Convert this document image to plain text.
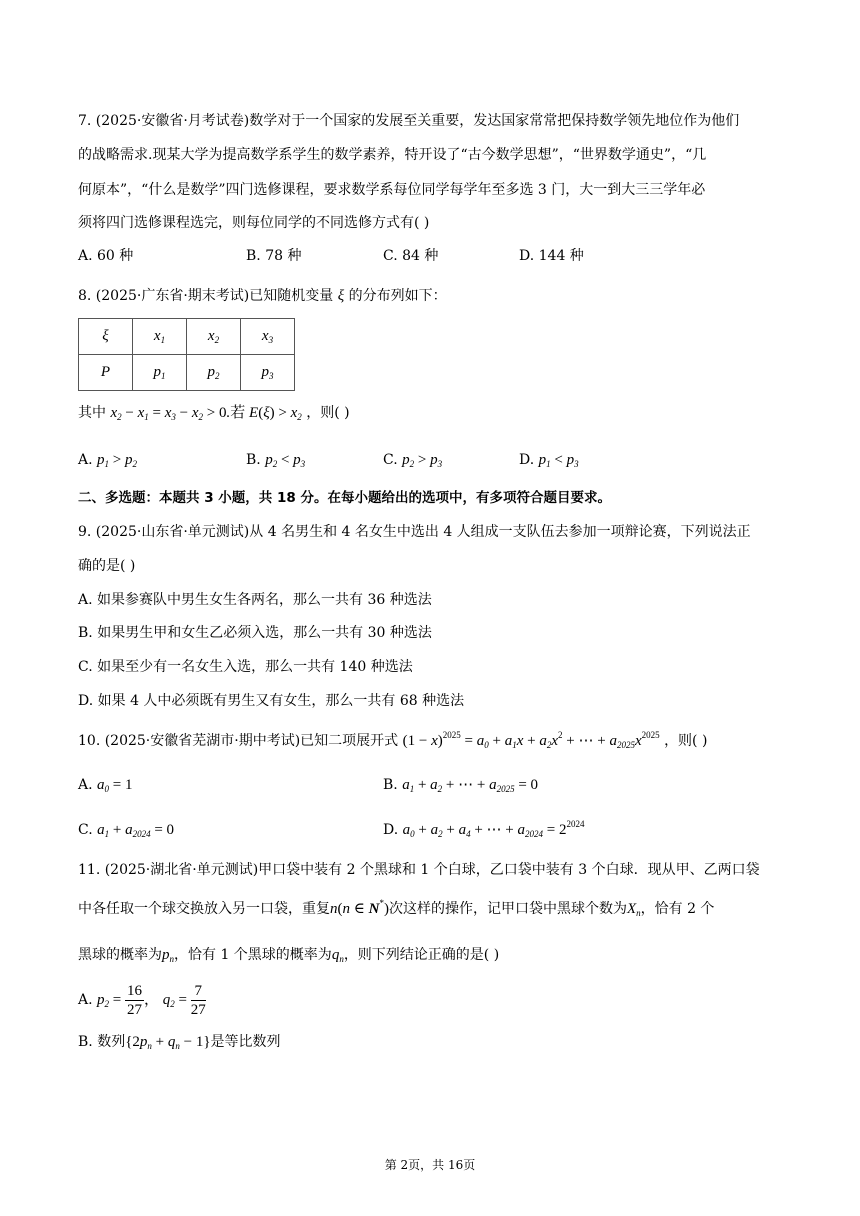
7. (2025·安徽省·月考试卷)数学对于一个国家的发展至关重要，发达国家常常把保持数学领先地位作为他们
的战略需求.现某大学为提高数学系学生的数学素养，特开设了“古今数学思想”，“世界数学通史”，“几
何原本”，“什么是数学”四门选修课程，要求数学系每位同学每学年至多选 3 门，大一到大三三学年必
须将四门选修课程选完，则每位同学的不同选修方式有( )
A. 60 种	B. 78 种	C. 84 种	D. 144 种
8. (2025·广东省·期末考试)已知随机变量 ξ 的分布列如下：
ξ	$x_1$	$x_2$	$x_3$
P	$p_1$	$p_2$	$p_3$
其中 $x_2 - x_1 = x_3 - x_2 > 0$.若 $E(\xi) > x_2$ ，则( )
A. $p_1 > p_2$	B. $p_2 < p_3$	C. $p_2 > p_3$	D. $p_1 < p_3$
二、多选题：本题共 3 小题，共 18 分。在每小题给出的选项中，有多项符合题目要求。
9. (2025·山东省·单元测试)从 4 名男生和 4 名女生中选出 4 人组成一支队伍去参加一项辩论赛，下列说法正
确的是( )
A. 如果参赛队中男生女生各两名，那么一共有 36 种选法
B. 如果男生甲和女生乙必须入选，那么一共有 30 种选法
C. 如果至少有一名女生入选，那么一共有 140 种选法
D. 如果 4 人中必须既有男生又有女生，那么一共有 68 种选法
10. (2025·安徽省芜湖市·期中考试)已知二项展开式 $(1 - x)^{2025} = a_0 + a_1x + a_2x^2$ + ⋯ + $a_{2025}x^{2025}$ ，则( )
A. $a_0 = 1$	B. $a_1 + a_2$ + ⋯ + $a_{2025} = 0$
C. $a_1 + a_{2024} = 0$	D. $a_0 + a_2 + a_4$ + ⋯ + $a_{2024} = 2^{2024}$
11. (2025·湖北省·单元测试)甲口袋中装有 2 个黑球和 1 个白球，乙口袋中装有 3 个白球．现从甲、乙两口袋
中各任取一个球交换放入另一口袋，重复n(n ∈ N*)次这样的操作，记甲口袋中黑球个数为$X_n$，恰有 2 个
黑球的概率为$p_n$，恰有 1 个黑球的概率为$q_n$，则下列结论正确的是( )
A. $p_2 = \frac{16}{27}$ ， $q_2 = \frac{7}{27}$
B. 数列$\{2p_n + q_n - 1\}$是等比数列
第 2页，共 16页
